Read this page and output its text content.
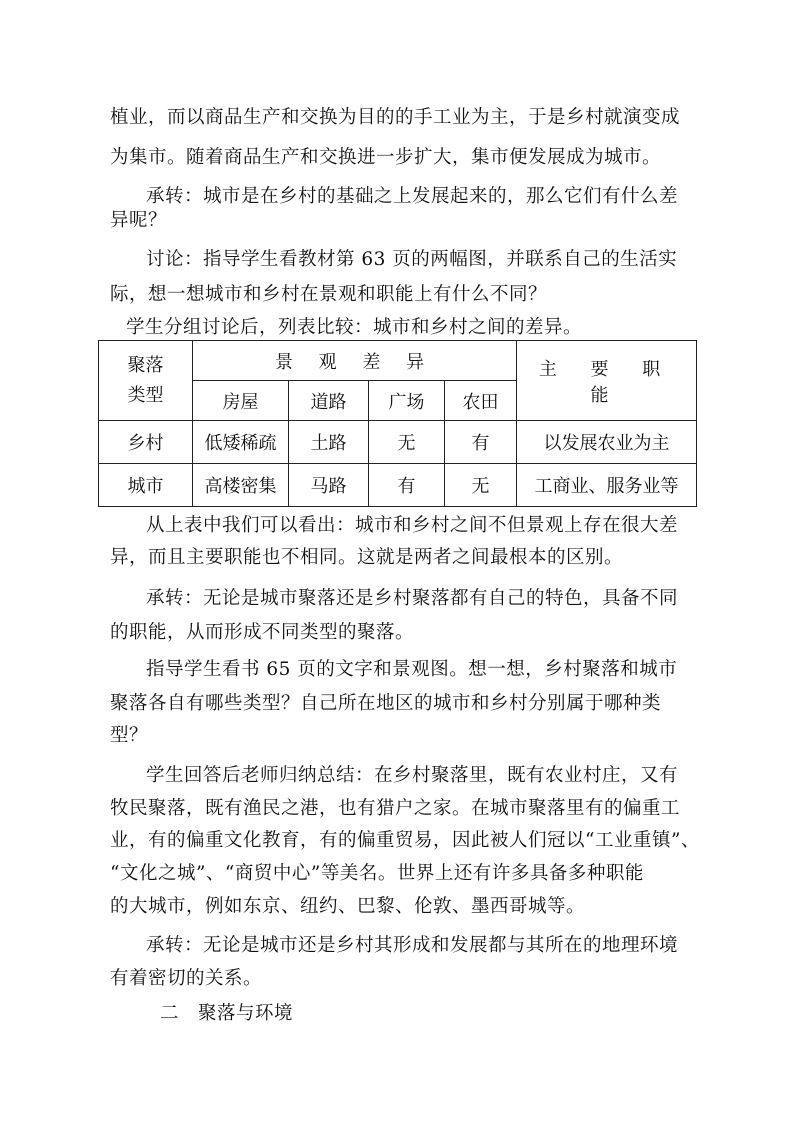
植业，而以商品生产和交换为目的的手工业为主，于是乡村就演变成
为集市。随着商品生产和交换进一步扩大，集市便发展成为城市。
承转：城市是在乡村的基础之上发展起来的，那么它们有什么差
异呢？
讨论：指导学生看教材第 63 页的两幅图，并联系自己的生活实
际，想一想城市和乡村在景观和职能上有什么不同？
学生分组讨论后，列表比较：城市和乡村之间的差异。
聚落
类型	景 观 差 异				主 要 职 能
	房屋	道路	广场	农田	
乡村	低矮稀疏	土路	无	有	以发展农业为主
城市	高楼密集	马路	有	无	工商业、服务业等
从上表中我们可以看出：城市和乡村之间不但景观上存在很大差
异，而且主要职能也不相同。这就是两者之间最根本的区别。
承转：无论是城市聚落还是乡村聚落都有自己的特色，具备不同
的职能，从而形成不同类型的聚落。
指导学生看书 65 页的文字和景观图。想一想，乡村聚落和城市
聚落各自有哪些类型？自己所在地区的城市和乡村分别属于哪种类
型？
学生回答后老师归纳总结：在乡村聚落里，既有农业村庄，又有
牧民聚落，既有渔民之港，也有猎户之家。在城市聚落里有的偏重工
业，有的偏重文化教育，有的偏重贸易，因此被人们冠以“工业重镇”、
“文化之城”、“商贸中心”等美名。世界上还有许多具备多种职能
的大城市，例如东京、纽约、巴黎、伦敦、墨西哥城等。
承转：无论是城市还是乡村其形成和发展都与其所在的地理环境
有着密切的关系。
二　聚落与环境
